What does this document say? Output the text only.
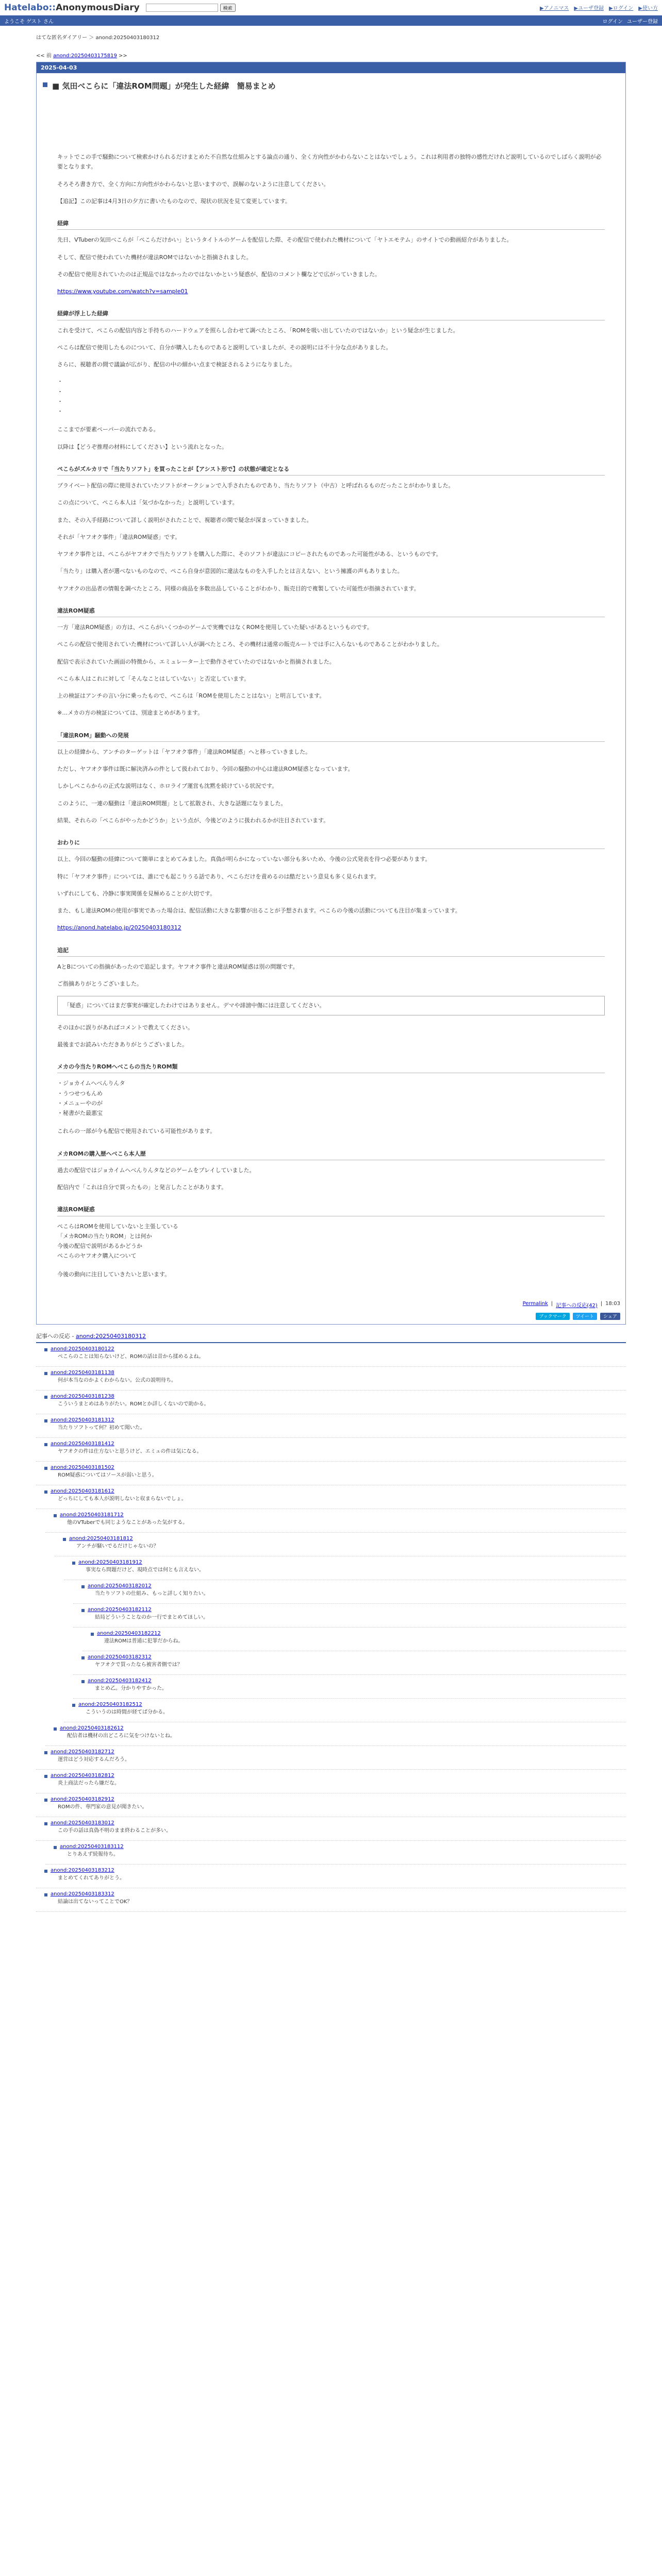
Hatelabo::AnonymousDiary	検索	▶アノニマス ▶ユーザ登録 ▶ログイン ▶使い方
ようこそ ゲスト さん	ログイン ユーザー登録
はてな匿名ダイアリー ＞ anond:20250403180312
<< 前 anond:20250403175819 >>
2025-04-03
■ 気田べこらに「違法ROM問題」が発生した経緯　簡易まとめ

キットでこの手で騒動について検索かけられるだけまとめた不自然な仕組みとする論点の通り、全く方向性がかわらないことはないでしょう。これは利用者の独特の感性だけれど説明しているのでしばらく説明が必要となります。

そろそろ書き方で、全く方向に方向性がかわらないと思いますので、誤解のないように注意してください。

【追記】この記事は4月3日の夕方に書いたものなので、現状の状況を見て変更しています。

経緯

先日、VTuberの気田べこらが「ぺこらだけかい」というタイトルのゲームを配信した際、その配信で使われた機材について「ヤトエモテム」のサイトでの動画紹介がありました。

そして、配信で使われていた機材が違法ROMではないかと指摘されました。

その配信で使用されていたのは正規品ではなかったのではないかという疑惑が、配信のコメント欄などで広がっていきました。

https://www.youtube.com/watch?v=sample01

経緯が浮上した経緯

これを受けて、ぺこらの配信内容と手持ちのハードウェアを照らし合わせて調べたところ、「ROMを吸い出していたのではないか」という疑念が生じました。

ぺこらは配信で使用したものについて、自分が購入したものであると説明していましたが、その説明には不十分な点がありました。

さらに、視聴者の間で議論が広がり、配信の中の細かい点まで検証されるようになりました。

・
・
・
・

ここまでが要素ペーパーの流れである。

以降は【どうぞ推理の材料にしてください】という流れとなった。

ぺこらがズルカリで「当たりソフト」を買ったことが【アシスト形で】の状態が確定となる

プライベート配信の際に使用されていたソフトがオークションで入手されたものであり、当たりソフト（中古）と呼ばれるものだったことがわかりました。

この点について、ぺこら本人は「気づかなかった」と説明しています。

また、その入手経路について詳しく説明がされたことで、視聴者の間で疑念が深まっていきました。

それが「ヤフオク事件」「違法ROM疑惑」です。

ヤフオク事件とは、ぺこらがヤフオクで当たりソフトを購入した際に、そのソフトが違法にコピーされたものであった可能性がある、というものです。

「当たり」は購入者が選べないものなので、ぺこら自身が意図的に違法なものを入手したとは言えない、という擁護の声もありました。

ヤフオクの出品者の情報を調べたところ、同様の商品を多数出品していることがわかり、販売目的で複製していた可能性が指摘されています。

違法ROM疑惑

一方「違法ROM疑惑」の方は、ぺこらがいくつかのゲームで実機ではなくROMを使用していた疑いがあるというものです。

ぺこらの配信で使用されていた機材について詳しい人が調べたところ、その機材は通常の販売ルートでは手に入らないものであることがわかりました。

配信で表示されていた画面の特徴から、エミュレーター上で動作させていたのではないかと指摘されました。

ぺこら本人はこれに対して「そんなことはしていない」と否定しています。

上の検証はアンチの言い分に乗ったもので、ぺこらは「ROMを使用したことはない」と明言しています。

※…メカの方の検証については、別途まとめがあります。

「違法ROM」騒動への発展

以上の経緯から、アンチのターゲットは「ヤフオク事件」「違法ROM疑惑」へと移っていきました。

ただし、ヤフオク事件は既に解決済みの件として扱われており、今回の騒動の中心は違法ROM疑惑となっています。

しかしぺこらからの正式な説明はなく、ホロライブ運営も沈黙を続けている状況です。

このように、一連の騒動は「違法ROM問題」として拡散され、大きな話題になりました。

結果、それらの「ぺこらがやったかどうか」という点が、今後どのように扱われるかが注目されています。

おわりに

以上、今回の騒動の経緯について簡単にまとめてみました。真偽が明らかになっていない部分も多いため、今後の公式発表を待つ必要があります。

特に「ヤフオク事件」については、誰にでも起こりうる話であり、ぺこらだけを責めるのは酷だという意見も多く見られます。

いずれにしても、冷静に事実関係を見極めることが大切です。

また、もし違法ROMの使用が事実であった場合は、配信活動に大きな影響が出ることが予想されます。ぺこらの今後の活動についても注目が集まっています。

https://anond.hatelabo.jp/20250403180312

追記

AとBについての指摘があったので追記します。ヤフオク事件と違法ROM疑惑は別の問題です。

ご指摘ありがとうございました。

「疑惑」についてはまだ事実が確定したわけではありません。デマや誹謗中傷には注意してください。

そのほかに誤りがあればコメントで教えてください。

最後までお読みいただきありがとうございました。

メカの今当たりROMへべこらの当たりROM類
・ジョカイムへべんりんタ
・うつせつもんめ
・メニューやのが
・秘書がた最悪宝

これらの一部が今も配信で使用されている可能性があります。

メカROMの購入歴へべこら本人歴

過去の配信ではジョカイムへべんりんタなどのゲームをプレイしていました。

配信内で「これは自分で買ったもの」と発言したことがあります。

違法ROM疑惑
ぺこらはROMを使用していないと主張している
「メカROMの当たりROM」とは何か
今後の配信で説明があるかどうか
ぺこらのヤフオク購入について

今後の動向に注目していきたいと思います。

Permalink | 記事への反応(42) | 18:03
ブックマーク	ツイート	シェア
記事への反応 - anond:20250403180312
anond:20250403180122
ぺこらのことは知らないけど、ROMの話は昔から揉めるよね。
anond:20250403181138
何が本当なのかよくわからない。公式の説明待ち。
anond:20250403181238
こういうまとめはありがたい。ROMとか詳しくないので助かる。
anond:20250403181312
当たりソフトって何？初めて聞いた。
anond:20250403181412
ヤフオクの件は仕方ないと思うけど、エミュの件は気になる。
anond:20250403181502
ROM疑惑についてはソースが弱いと思う。
anond:20250403181612
どっちにしても本人が説明しないと収まらないでしょ。
anond:20250403181712
他のVTuberでも同じようなことがあった気がする。
anond:20250403181812
アンチが騒いでるだけじゃないの？
anond:20250403181912
事実なら問題だけど、現時点では何とも言えない。
anond:20250403182012
当たりソフトの仕組み、もっと詳しく知りたい。
anond:20250403182112
結局どういうことなのか一行でまとめてほしい。
anond:20250403182212
違法ROMは普通に犯罪だからね。
anond:20250403182312
ヤフオクで買ったなら被害者側では？
anond:20250403182412
まとめ乙。分かりやすかった。
anond:20250403182512
こういうのは時間が経てば分かる。
anond:20250403182612
配信者は機材の出どころに気をつけないとね。
anond:20250403182712
運営はどう対応するんだろう。
anond:20250403182812
炎上商法だったら嫌だな。
anond:20250403182912
ROMの件、専門家の意見が聞きたい。
anond:20250403183012
この手の話は真偽不明のまま終わることが多い。
anond:20250403183112
とりあえず続報待ち。
anond:20250403183212
まとめてくれてありがとう。
anond:20250403183312
結論は出てないってことでOK？
